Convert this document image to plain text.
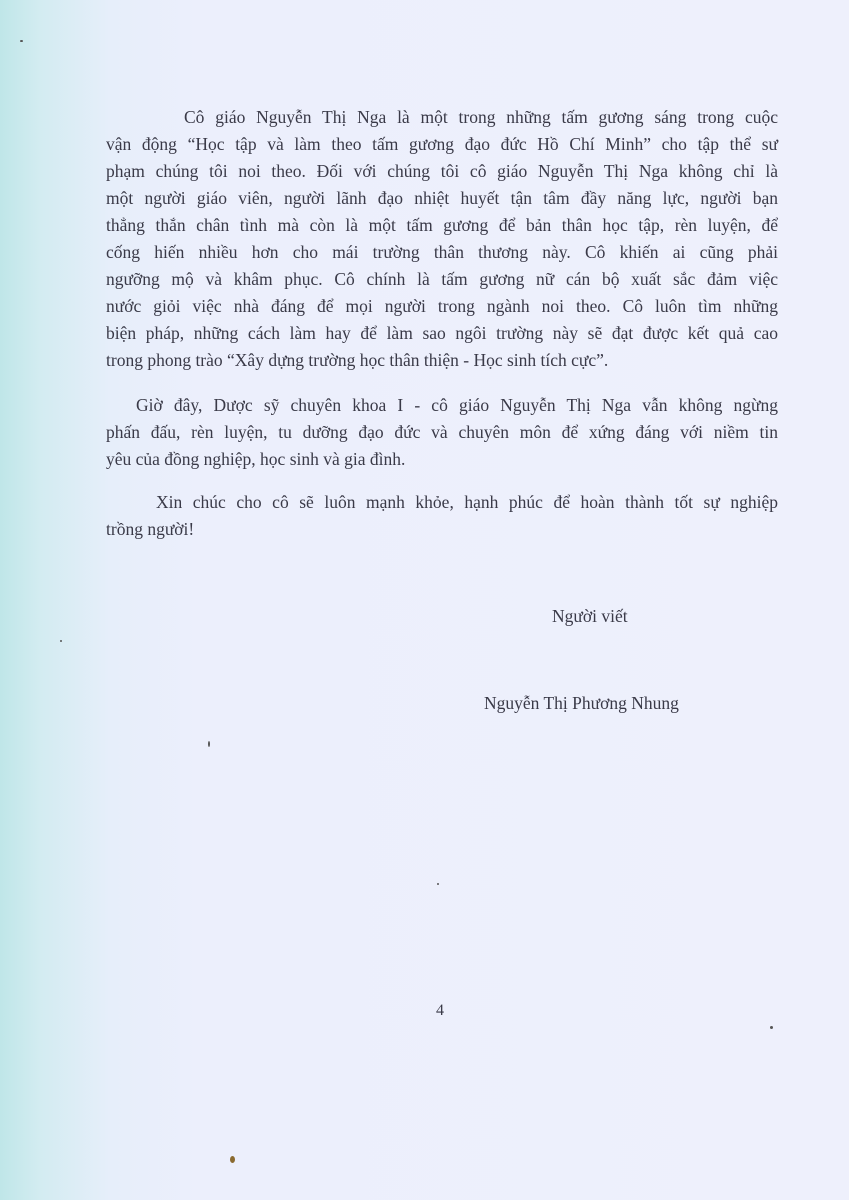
Cô giáo Nguyễn Thị Nga là một trong những tấm gương sáng trong cuộc
vận động “Học tập và làm theo tấm gương đạo đức Hồ Chí Minh” cho tập thể sư
phạm chúng tôi noi theo. Đối với chúng tôi cô giáo Nguyễn Thị Nga không chỉ là
một người giáo viên, người lãnh đạo nhiệt huyết tận tâm đầy năng lực, người bạn
thẳng thắn chân tình mà còn là một tấm gương để bản thân học tập, rèn luyện, để
cống hiến nhiều hơn cho mái trường thân thương này. Cô khiến ai cũng phải
ngưỡng mộ và khâm phục. Cô chính là tấm gương nữ cán bộ xuất sắc đảm việc
nước giỏi việc nhà đáng để mọi người trong ngành noi theo. Cô luôn tìm những
biện pháp, những cách làm hay để làm sao ngôi trường này sẽ đạt được kết quả cao
trong phong trào “Xây dựng trường học thân thiện - Học sinh tích cực”.

Giờ đây, Dược sỹ chuyên khoa I - cô giáo Nguyễn Thị Nga vẫn không ngừng
phấn đấu, rèn luyện, tu dưỡng đạo đức và chuyên môn để xứng đáng với niềm tin
yêu của đồng nghiệp, học sinh và gia đình.

Xin chúc cho cô sẽ luôn mạnh khỏe, hạnh phúc để hoàn thành tốt sự nghiệp
trồng người!

Người viết
Nguyễn Thị Phương Nhung
4
